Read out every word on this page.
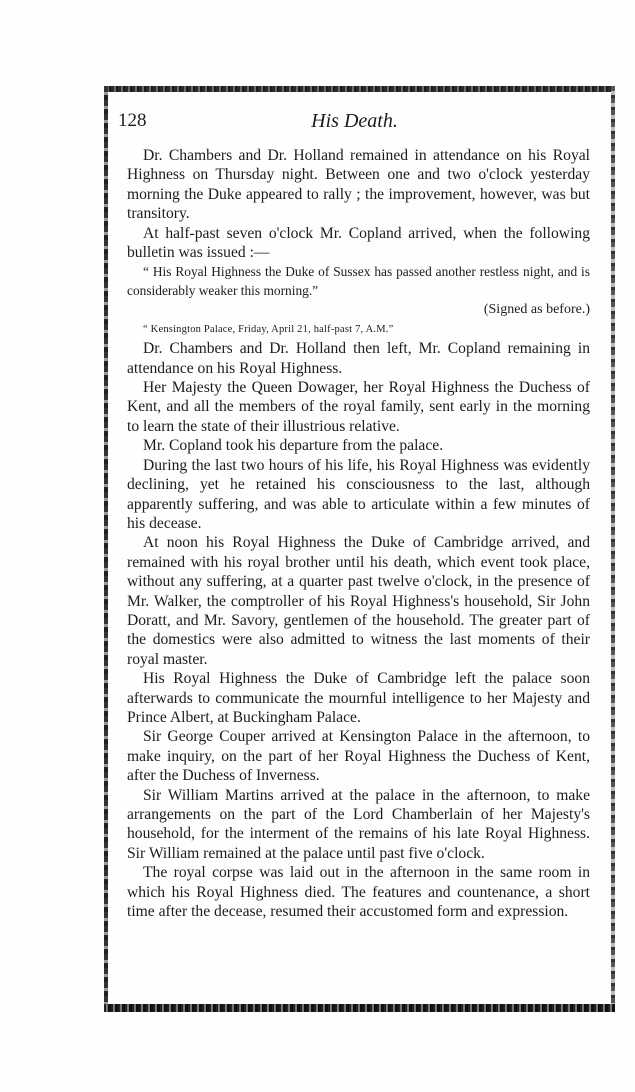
128	His Death.

Dr. Chambers and Dr. Holland remained in attendance on his Royal Highness on Thursday night. Between one and two o'clock yesterday morning the Duke appeared to rally ; the improvement, however, was but transitory.

At half-past seven o'clock Mr. Copland arrived, when the following bulletin was issued :—

“ His Royal Highness the Duke of Sussex has passed another restless night, and is considerably weaker this morning.”

(Signed as before.)

“ Kensington Palace, Friday, April 21, half-past 7, A.M.”

Dr. Chambers and Dr. Holland then left, Mr. Copland remaining in attendance on his Royal Highness.

Her Majesty the Queen Dowager, her Royal Highness the Duchess of Kent, and all the members of the royal family, sent early in the morning to learn the state of their illustrious relative.

Mr. Copland took his departure from the palace.

During the last two hours of his life, his Royal Highness was evidently declining, yet he retained his consciousness to the last, although apparently suffering, and was able to articulate within a few minutes of his decease.

At noon his Royal Highness the Duke of Cambridge arrived, and remained with his royal brother until his death, which event took place, without any suffering, at a quarter past twelve o'clock, in the presence of Mr. Walker, the comptroller of his Royal Highness's household, Sir John Doratt, and Mr. Savory, gentlemen of the household. The greater part of the domestics were also admitted to witness the last moments of their royal master.

His Royal Highness the Duke of Cambridge left the palace soon afterwards to communicate the mournful intelligence to her Majesty and Prince Albert, at Buckingham Palace.

Sir George Couper arrived at Kensington Palace in the afternoon, to make inquiry, on the part of her Royal Highness the Duchess of Kent, after the Duchess of Inverness.

Sir William Martins arrived at the palace in the afternoon, to make arrangements on the part of the Lord Chamberlain of her Majesty's household, for the interment of the remains of his late Royal Highness. Sir William remained at the palace until past five o'clock.

The royal corpse was laid out in the afternoon in the same room in which his Royal Highness died. The features and countenance, a short time after the decease, resumed their accustomed form and expression.
